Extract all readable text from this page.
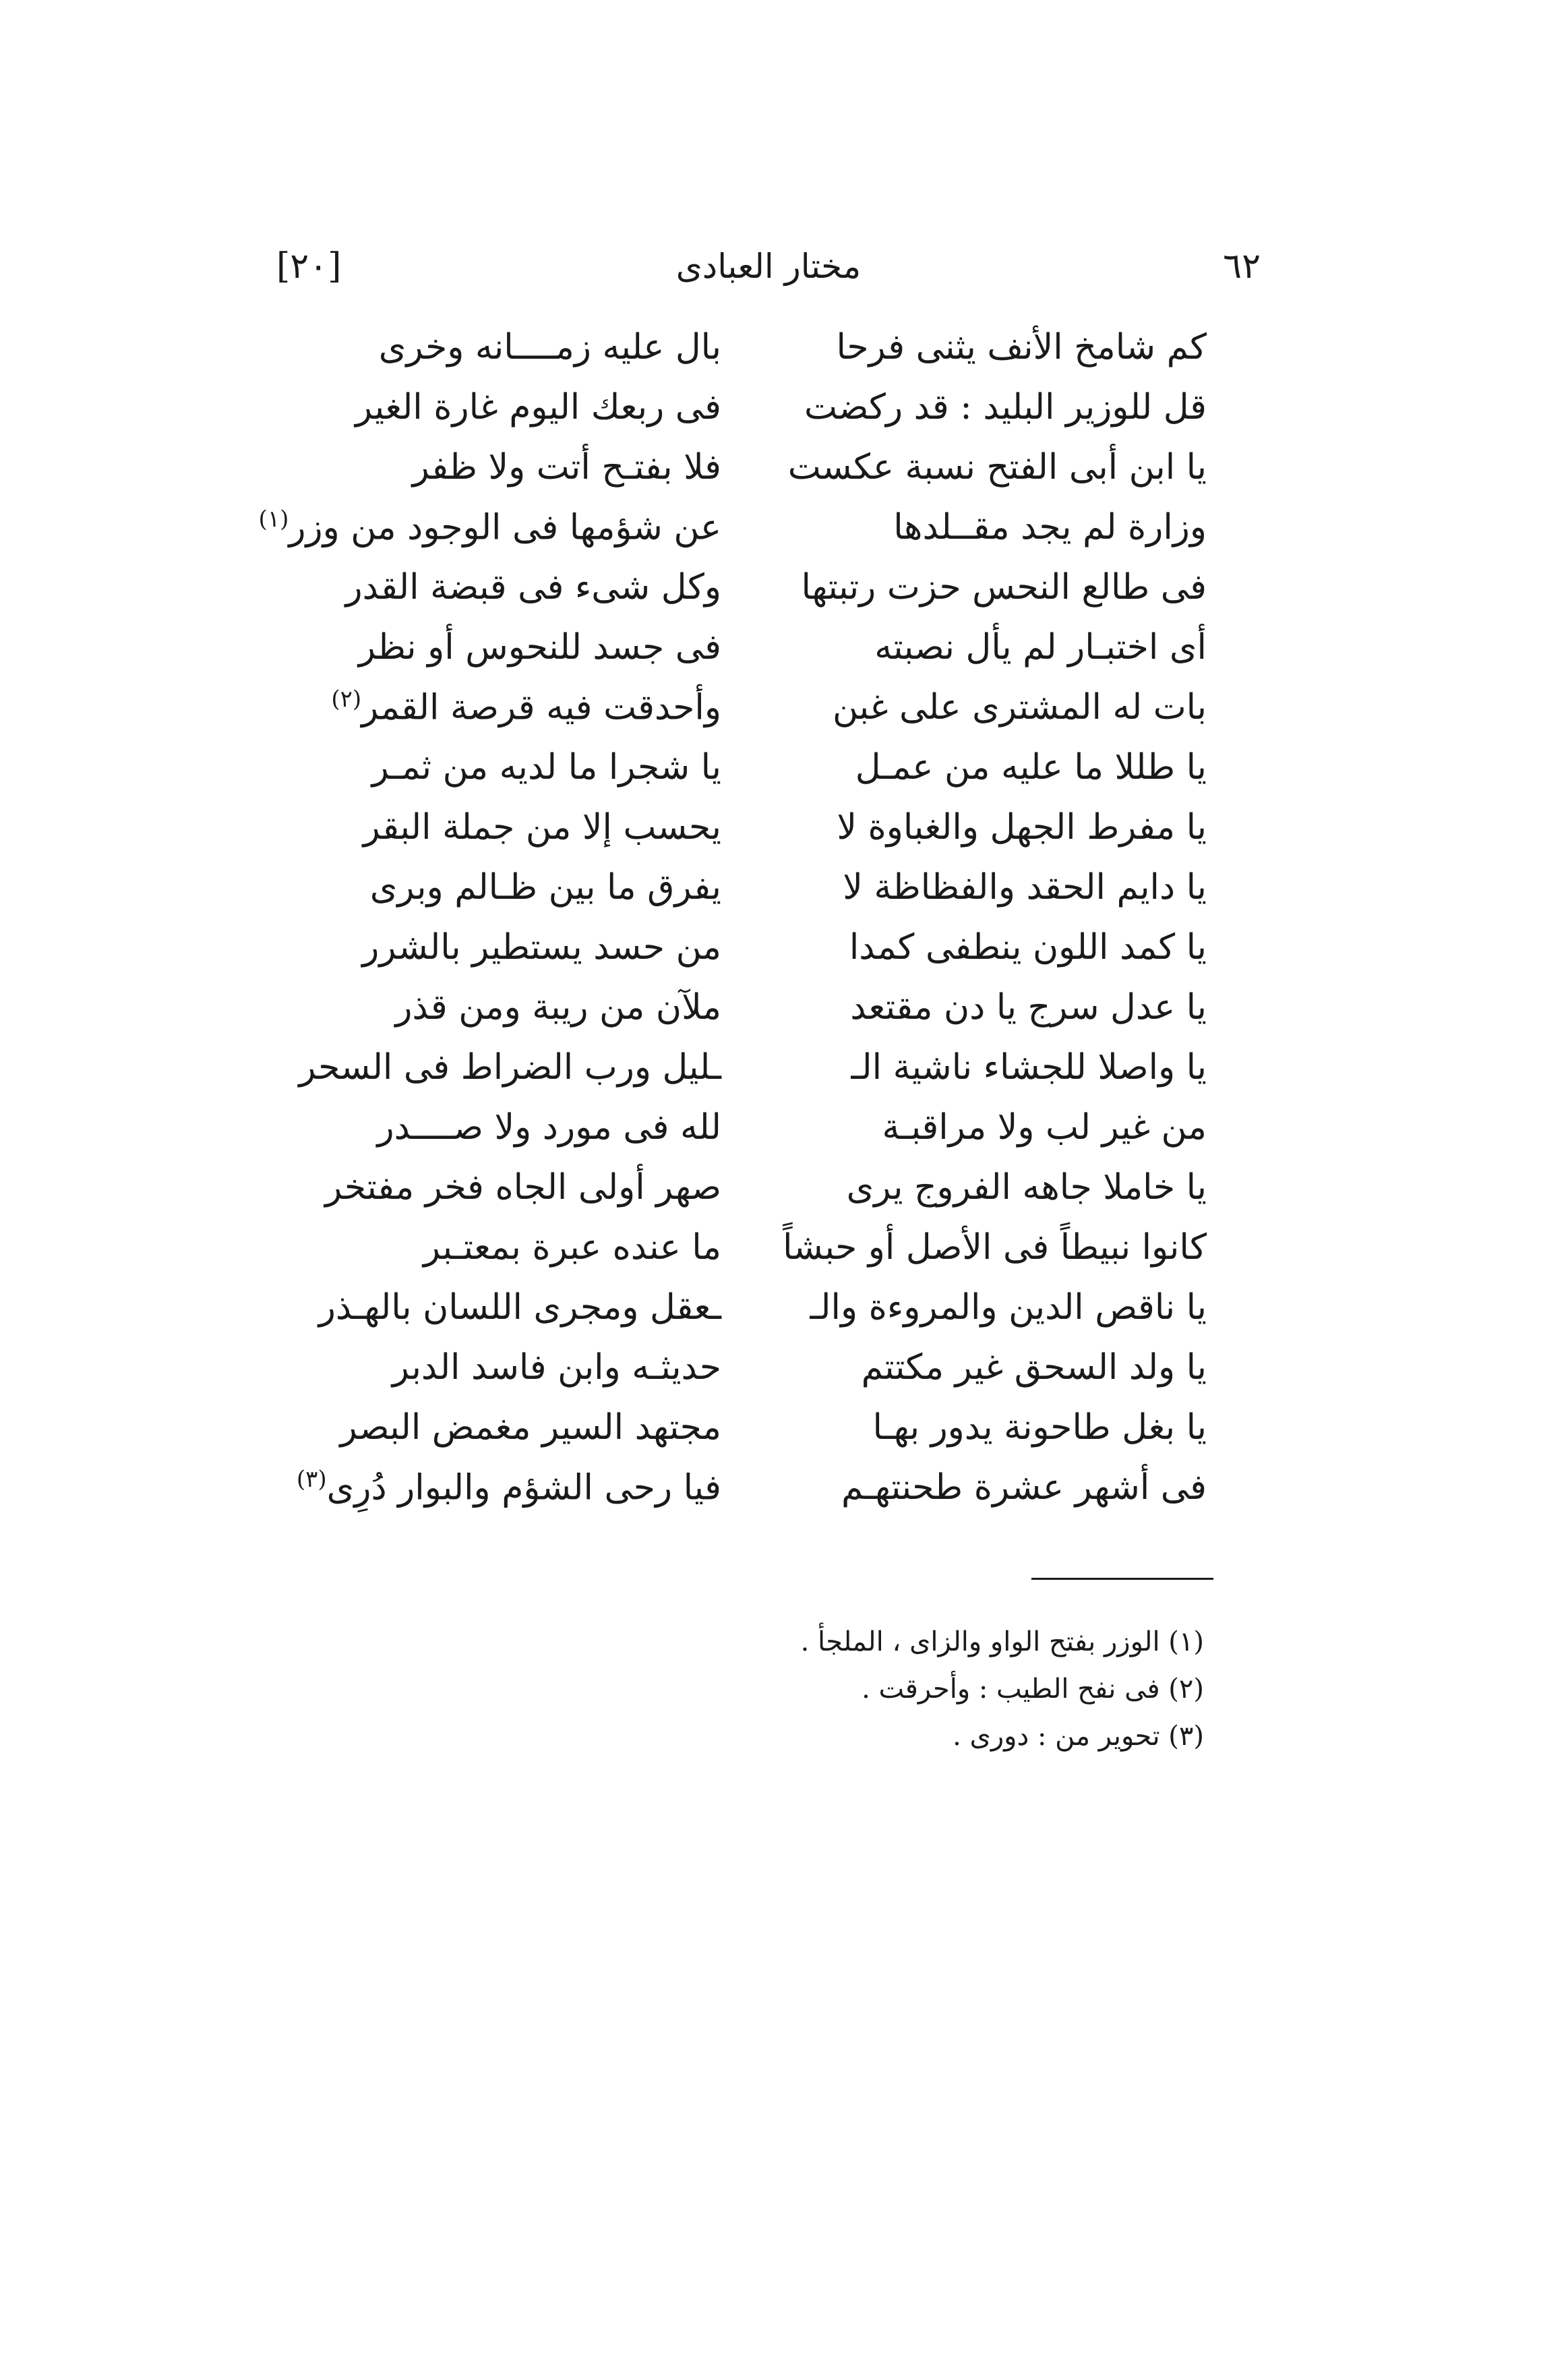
٦٢
مختار العبادى
[٢٠]
كم شامخ الأنف يثنى فرحا
بال عليه زمــــانه وخرى
قل للوزير البليد : قد ركضت
فى ربعك اليوم غارة الغير
يا ابن أبى الفتح نسبة عكست
فلا بفتـح أتت ولا ظفر
وزارة لم يجد مقــلدها
عن شؤمها فى الوجود من وزر$^{(١)}$
فى طالع النحس حزت رتبتها
وكل شىء فى قبضة القدر
أى اختبـار لم يأل نصبته
فى جسد للنحوس أو نظر
بات له المشترى على غبن
وأحدقت فيه قرصة القمر$^{(٢)}$
يا طللا ما عليه من عمـل
يا شجرا ما لديه من ثمـر
يا مفرط الجهل والغباوة لا
يحسب إلا من جملة البقر
يا دايم الحقد والفظاظة لا
يفرق ما بين ظـالم وبرى
يا كمد اللون ينطفى كمدا
من حسد يستطير بالشرر
يا عدل سرج يا دن مقتعد
ملآن من ريبة ومن قذر
يا واصلا للجشاء ناشية الـ
ـليل ورب الضراط فى السحر
من غير لب ولا مراقبـة
لله فى مورد ولا صــــدر
يا خاملا جاهه الفروج يرى
صهر أولى الجاه فخر مفتخر
كانوا نبيطاً فى الأصل أو حبشاً
ما عنده عبرة بمعتـبر
يا ناقص الدين والمروءة والـ
ـعقل ومجرى اللسان بالهـذر
يا ولد السحق غير مكتتم
حديثـه وابن فاسد الدبر
يا بغل طاحونة يدور بهـا
مجتهد السير مغمض البصر
فى أشهر عشرة طحنتهـم
فيا رحى الشؤم والبوار دُرِى$^{(٣)}$
(١) الوزر بفتح الواو والزاى ، الملجأ .
(٢) فى نفح الطيب : وأحرقت .
(٣) تحوير من : دورى .
